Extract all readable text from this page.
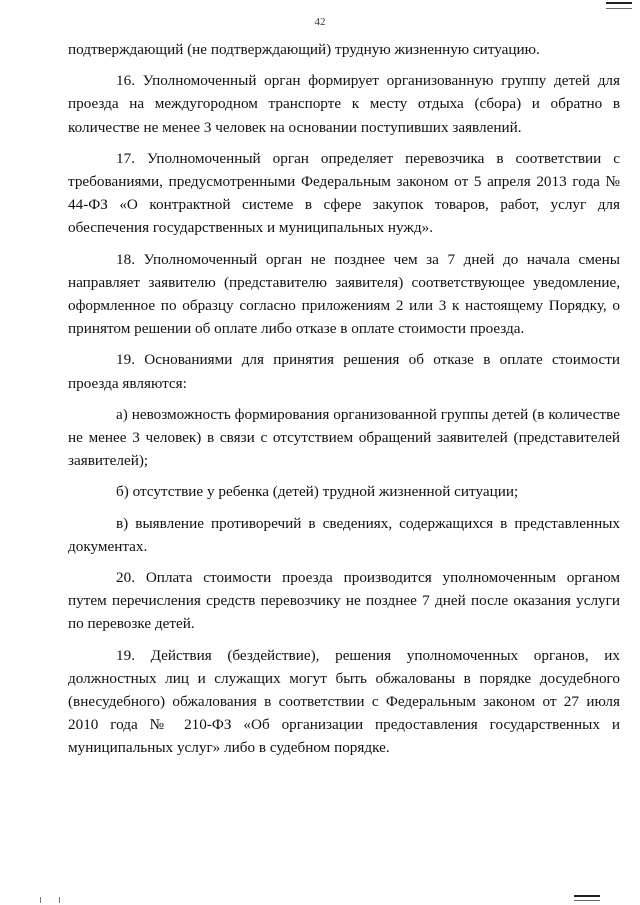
42

подтверждающий (не подтверждающий) трудную жизненную ситуацию.

16. Уполномоченный орган формирует организованную группу детей для проезда на междугородном транспорте к месту отдыха (сбора) и обратно в количестве не менее 3 человек на основании поступивших заявлений.

17. Уполномоченный орган определяет перевозчика в соответствии с требованиями, предусмотренными Федеральным законом от 5 апреля 2013 года № 44-ФЗ «О контрактной системе в сфере закупок товаров, работ, услуг для обеспечения государственных и муниципальных нужд».

18. Уполномоченный орган не позднее чем за 7 дней до начала смены направляет заявителю (представителю заявителя) соответствующее уведомление, оформленное по образцу согласно приложениям 2 или 3 к настоящему Порядку, о принятом решении об оплате либо отказе в оплате стоимости проезда.

19. Основаниями для принятия решения об отказе в оплате стоимости проезда являются:

а) невозможность формирования организованной группы детей (в количестве не менее 3 человек) в связи с отсутствием обращений заявителей (представителей заявителей);

б) отсутствие у ребенка (детей) трудной жизненной ситуации;

в) выявление противоречий в сведениях, содержащихся в представленных документах.

20. Оплата стоимости проезда производится уполномоченным органом путем перечисления средств перевозчику не позднее 7 дней после оказания услуги по перевозке детей.

19. Действия (бездействие), решения уполномоченных органов, их должностных лиц и служащих могут быть обжалованы в порядке досудебного (внесудебного) обжалования в соответствии с Федеральным законом от 27 июля 2010 года № 210-ФЗ «Об организации предоставления государственных и муниципальных услуг» либо в судебном порядке.
